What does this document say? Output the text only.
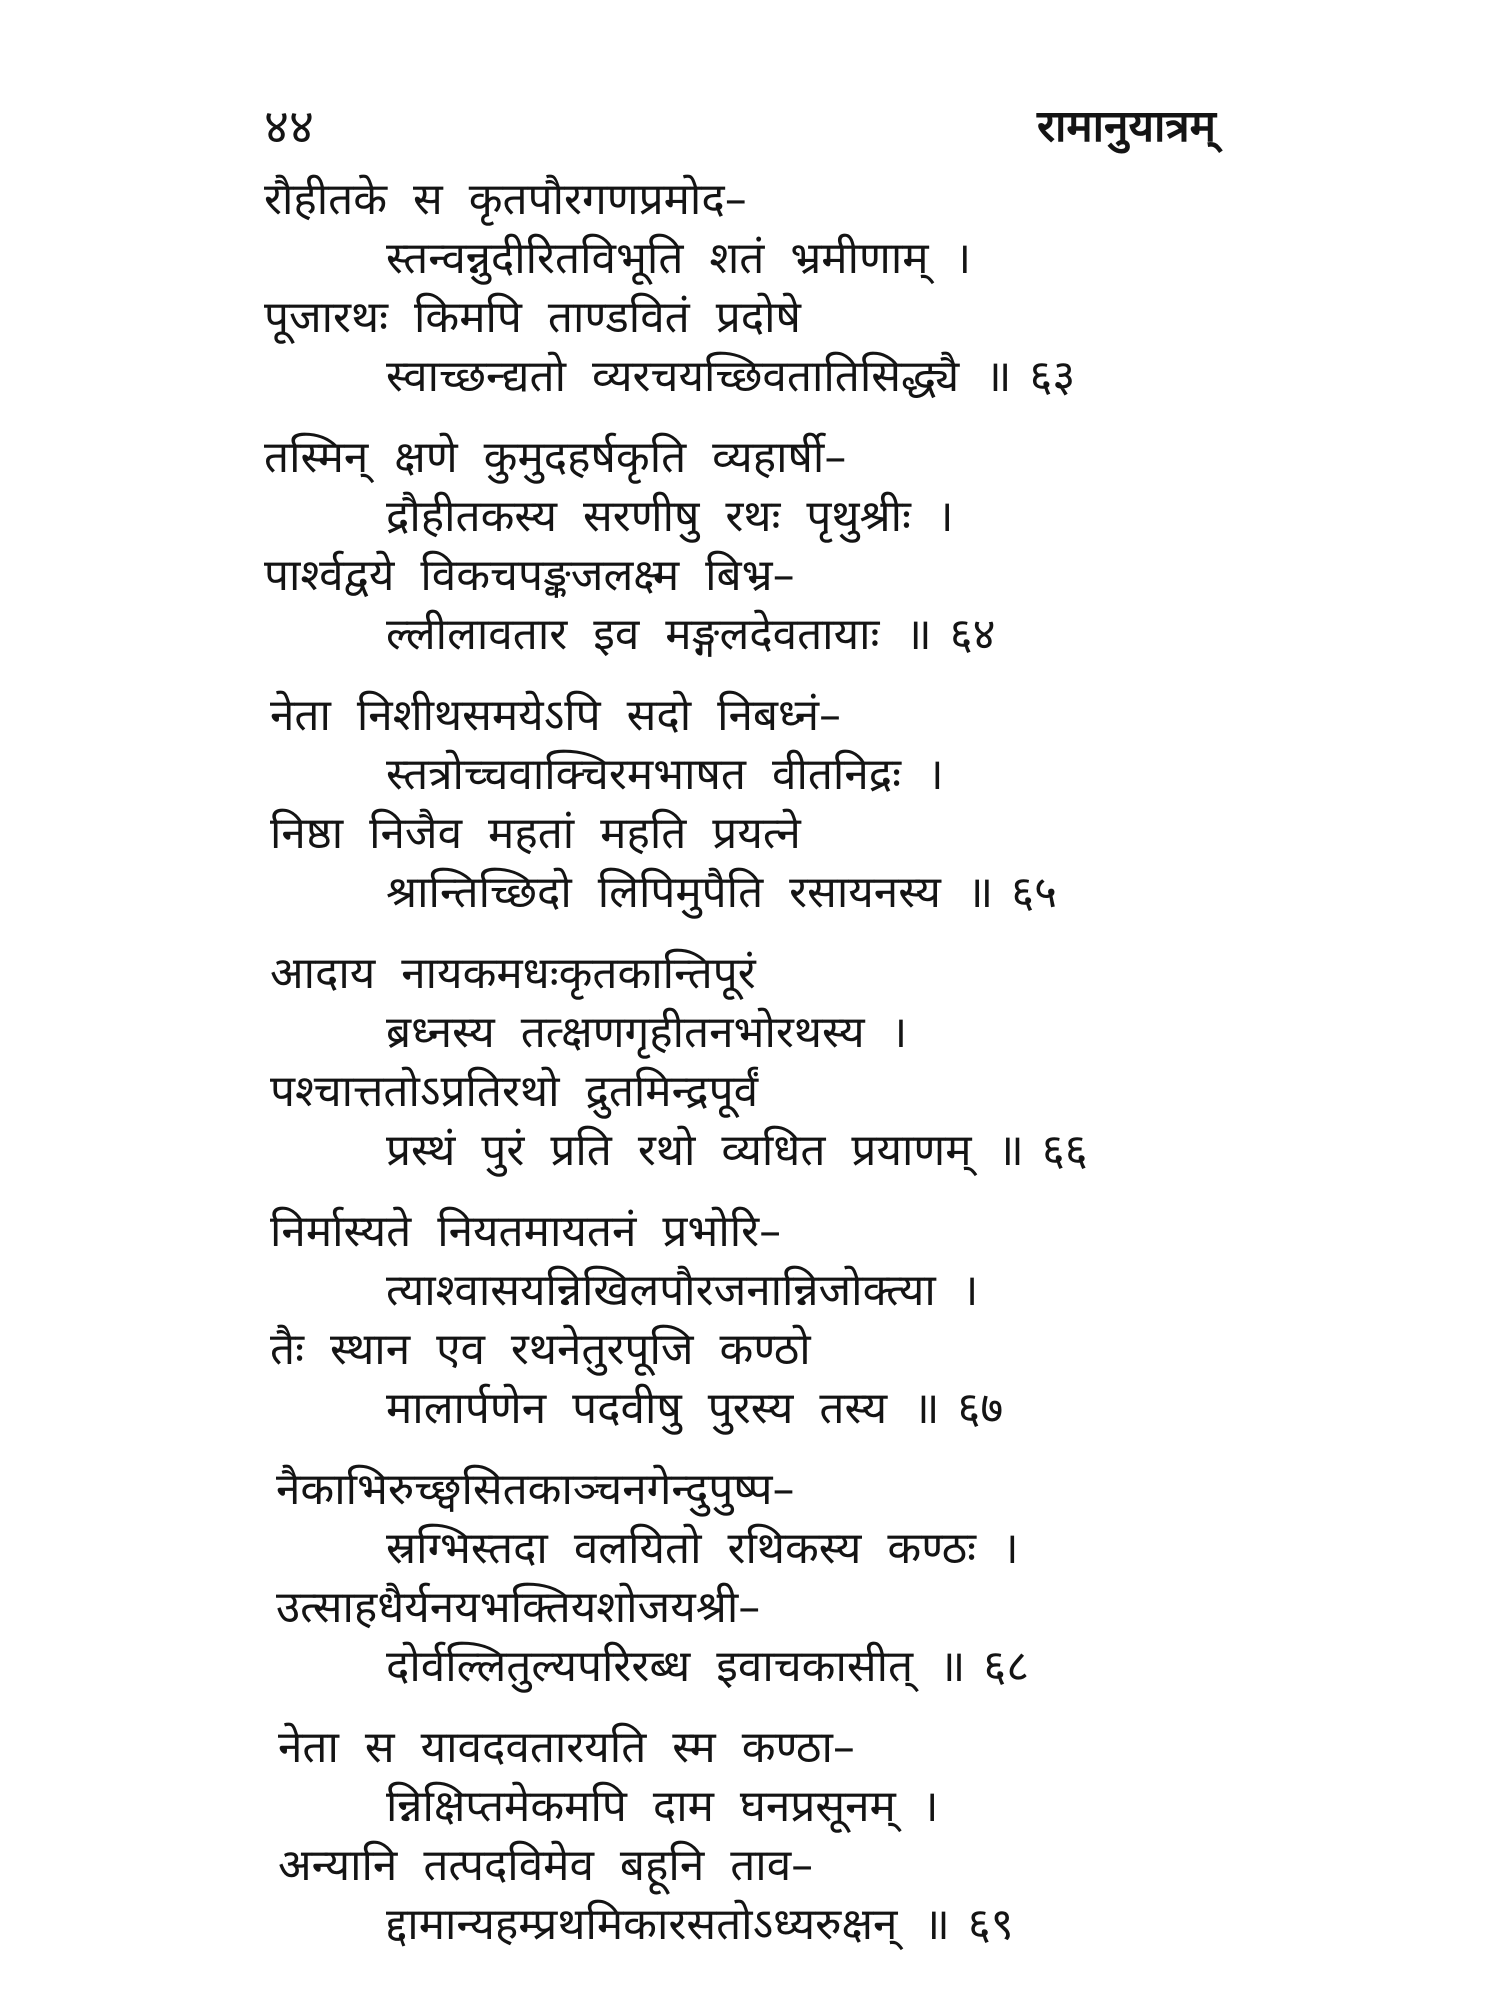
४४	रामानुयात्रम्
रौहीतके स कृतपौरगणप्रमोद–
स्तन्वन्नुदीरितविभूति शतं भ्रमीणाम् ।
पूजारथः किमपि ताण्डवितं प्रदोषे
स्वाच्छन्द्यतो व्यरचयच्छिवतातिसिद्ध्यै ॥ ६३
तस्मिन् क्षणे कुमुदहर्षकृति व्यहार्षी–
द्रौहीतकस्य सरणीषु रथः पृथुश्रीः ।
पार्श्वद्वये विकचपङ्कजलक्ष्म बिभ्र–
ल्लीलावतार इव मङ्गलदेवतायाः ॥ ६४
नेता निशीथसमयेऽपि सदो निबध्नं–
स्तत्रोच्चवाक्चिरमभाषत वीतनिद्रः ।
निष्ठा निजैव महतां महति प्रयत्ने
श्रान्तिच्छिदो लिपिमुपैति रसायनस्य ॥ ६५
आदाय नायकमधःकृतकान्तिपूरं
ब्रध्नस्य तत्क्षणगृहीतनभोरथस्य ।
पश्चात्ततोऽप्रतिरथो द्रुतमिन्द्रपूर्वं
प्रस्थं पुरं प्रति रथो व्यधित प्रयाणम् ॥ ६६
निर्मास्यते नियतमायतनं प्रभोरि–
त्याश्वासयन्निखिलपौरजनान्निजोक्त्या ।
तैः स्थान एव रथनेतुरपूजि कण्ठो
मालार्पणेन पदवीषु पुरस्य तस्य ॥ ६७
नैकाभिरुच्छ्वसितकाञ्चनगेन्दुपुष्प–
स्रग्भिस्तदा वलयितो रथिकस्य कण्ठः ।
उत्साहधैर्यनयभक्तियशोजयश्री–
दोर्वल्लितुल्यपरिरब्ध इवाचकासीत् ॥ ६८
नेता स यावदवतारयति स्म कण्ठा–
न्निक्षिप्तमेकमपि दाम घनप्रसूनम् ।
अन्यानि तत्पदविमेव बहूनि ताव–
द्दामान्यहम्प्रथमिकारसतोऽध्यरुक्षन् ॥ ६९
